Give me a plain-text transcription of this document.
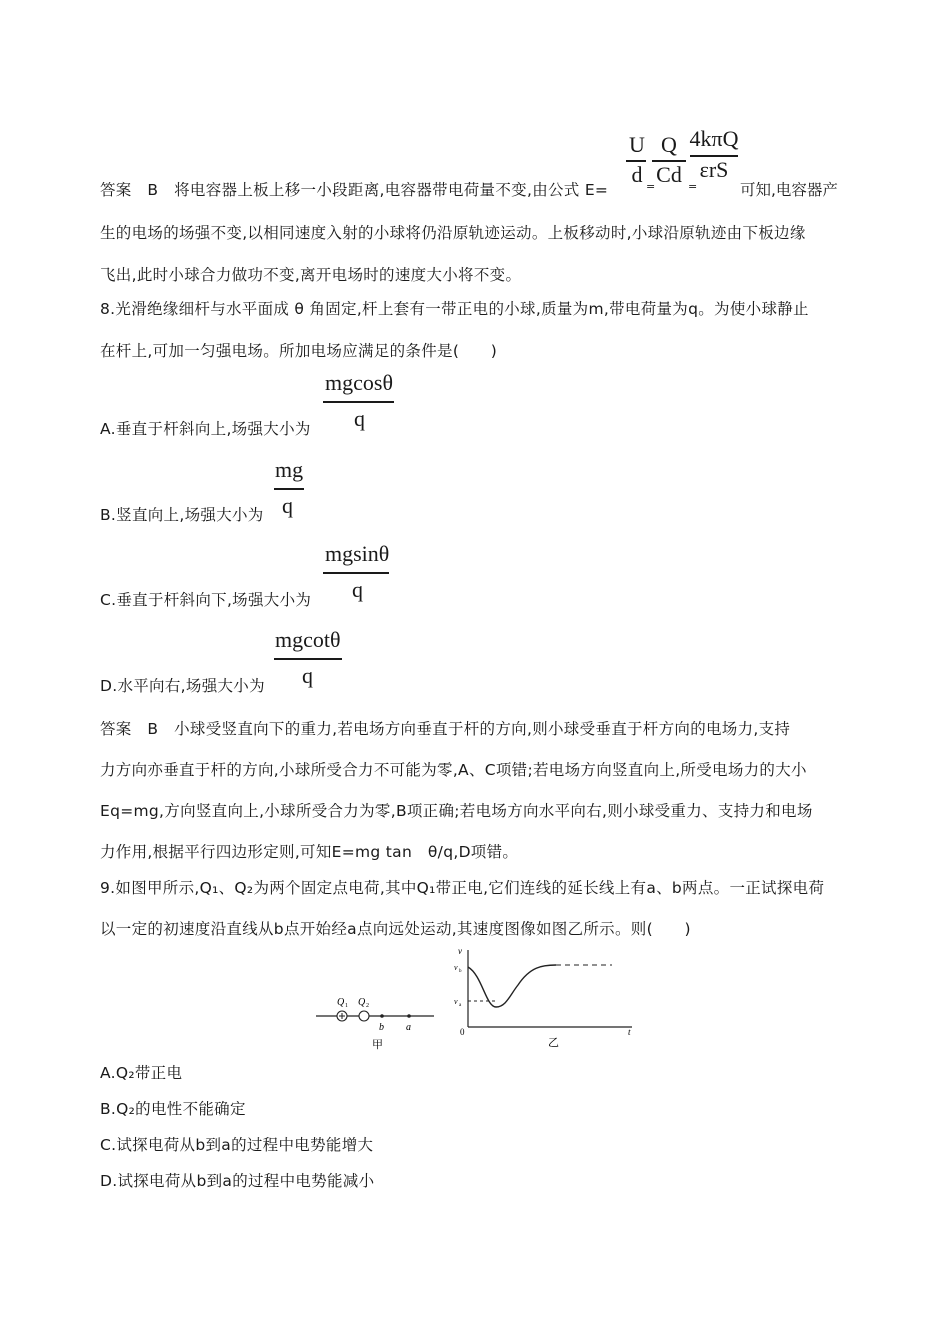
答案　B　将电容器上板上移一小段距离,电容器带电荷量不变,由公式 E=
U
d =
Q
Cd =
4kπQ
εrS
可知,电容器产
生的电场的场强不变,以相同速度入射的小球将仍沿原轨迹运动。上板移动时,小球沿原轨迹由下板边缘
飞出,此时小球合力做功不变,离开电场时的速度大小将不变。
8.光滑绝缘细杆与水平面成 θ 角固定,杆上套有一带正电的小球,质量为m,带电荷量为q。为使小球静止
在杆上,可加一匀强电场。所加电场应满足的条件是(　　)
mgcosθ
q
A.垂直于杆斜向上,场强大小为
mg
q
B.竖直向上,场强大小为
mgsinθ
q
C.垂直于杆斜向下,场强大小为
mgcotθ
q
D.水平向右,场强大小为
答案　B　小球受竖直向下的重力,若电场方向垂直于杆的方向,则小球受垂直于杆方向的电场力,支持
力方向亦垂直于杆的方向,小球所受合力不可能为零,A、C项错;若电场方向竖直向上,所受电场力的大小
Eq=mg,方向竖直向上,小球所受合力为零,B项正确;若电场方向水平向右,则小球受重力、支持力和电场
力作用,根据平行四边形定则,可知E=mg tan　θ/q,D项错。
9.如图甲所示,Q₁、Q₂为两个固定点电荷,其中Q₁带正电,它们连线的延长线上有a、b两点。一正试探电荷
以一定的初速度沿直线从b点开始经a点向远处运动,其速度图像如图乙所示。则(　　)
Q 1 Q 2
b a
甲
v
v b
v a
0	t
乙
A.Q₂带正电
B.Q₂的电性不能确定
C.试探电荷从b到a的过程中电势能增大
D.试探电荷从b到a的过程中电势能减小
